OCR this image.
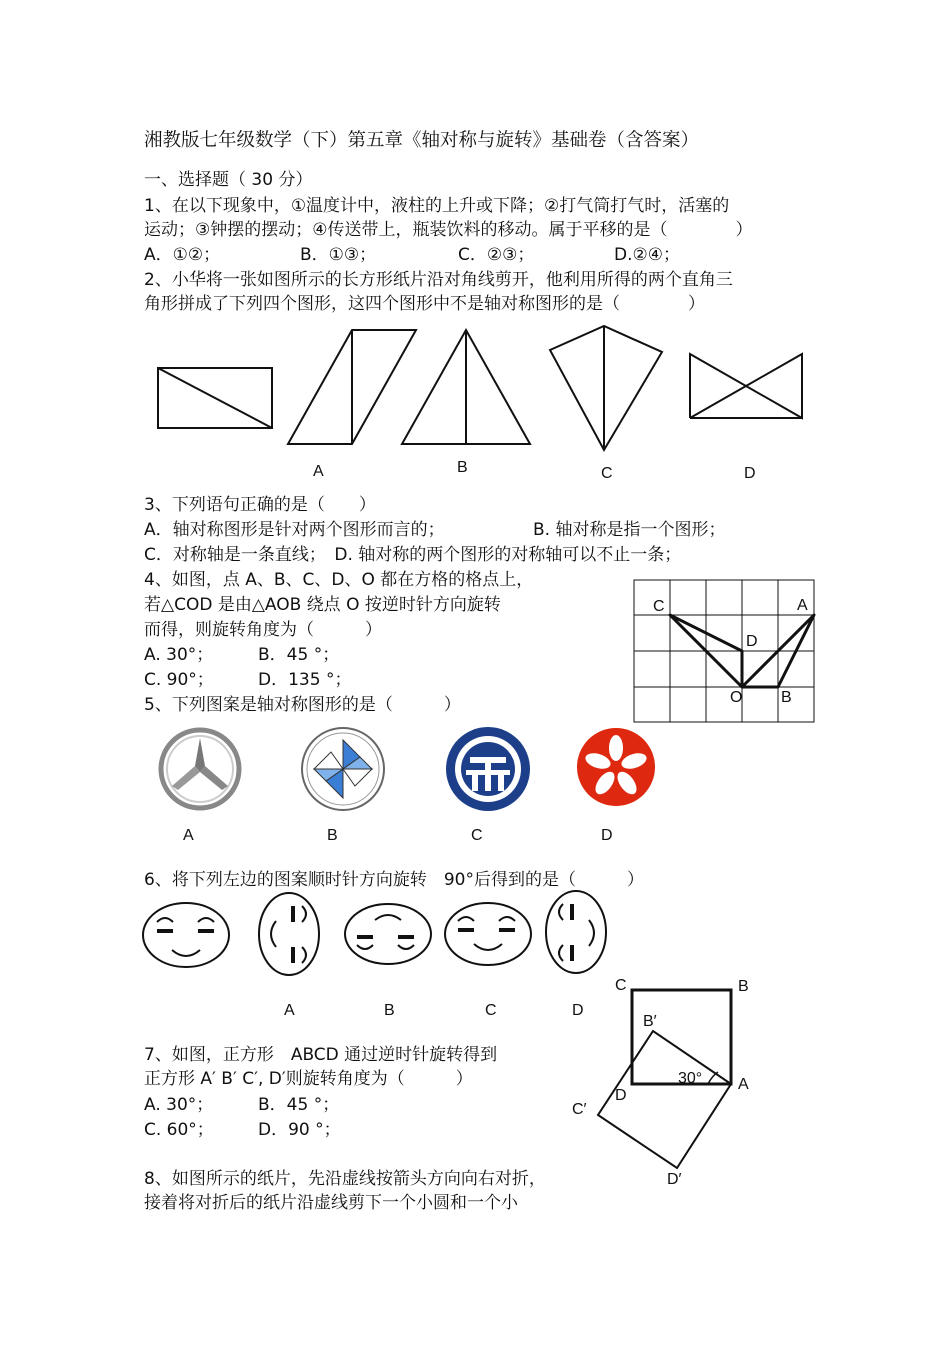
湘教版七年级数学（下）第五章《轴对称与旋转》基础卷（含答案）
一、选择题（ 30 分）
1、在以下现象中，①温度计中，液柱的上升或下降；②打气筒打气时，活塞的
运动；③钟摆的摆动；④传送带上，瓶装饮料的移动。属于平移的是（　　　　）
A．①②；	B．①③；	C．②③；	D.②④；
2、小华将一张如图所示的长方形纸片沿对角线剪开，他利用所得的两个直角三
角形拼成了下列四个图形，这四个图形中不是轴对称图形的是（　　　　）
A	B	C	D
3、下列语句正确的是（　　）
A．轴对称图形是针对两个图形而言的；	B. 轴对称是指一个图形；
C．对称轴是一条直线；　D. 轴对称的两个图形的对称轴可以不止一条；
4、如图，点 A、B、C、D、O 都在方格的格点上，
若△COD 是由△AOB 绕点 O 按逆时针方向旋转
而得，则旋转角度为（　　　）
A. 30°；	B．45 °；
C. 90°；	D．135 °；
C	A
D
O B
5、下列图案是轴对称图形的是（　　　）
A	B	C	D
6、将下列左边的图案顺时针方向旋转　90°后得到的是（　　　）
A	B	C	D
7、如图，正方形　ABCD 通过逆时针旋转得到
正方形 A′ B′ C′, D′则旋转角度为（　　　）
A. 30°；	B．45 °；
C. 60°；	D．90 °；
C	B
B′
30° A
D
C′
D′
8、如图所示的纸片，先沿虚线按箭头方向向右对折，
接着将对折后的纸片沿虚线剪下一个小圆和一个小
